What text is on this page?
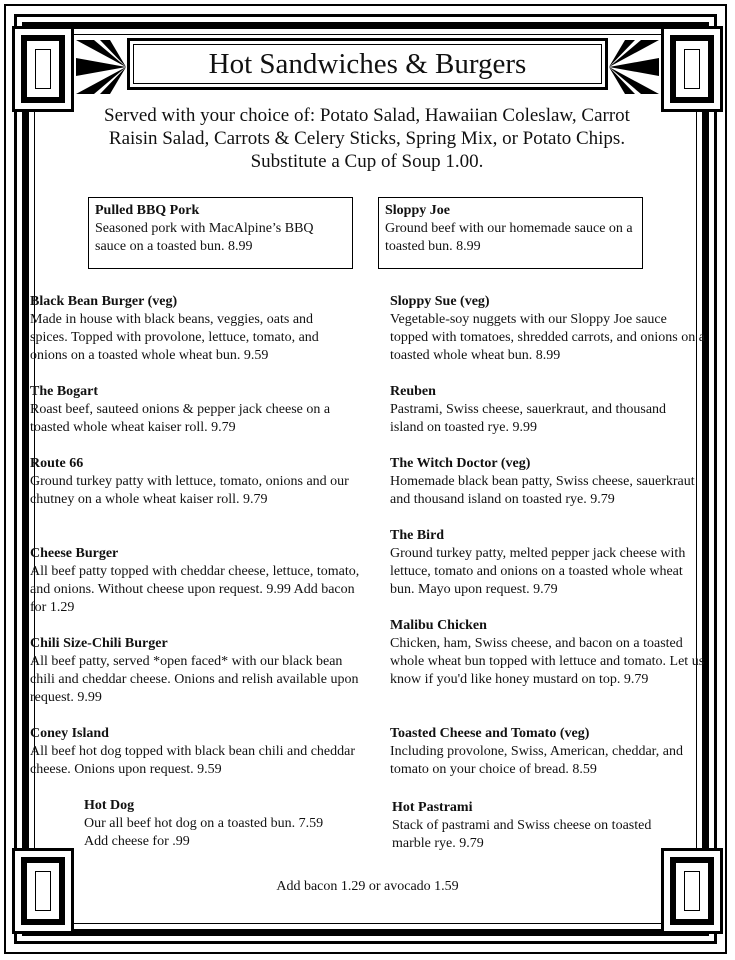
Hot Sandwiches & Burgers
Served with your choice of: Potato Salad, Hawaiian Coleslaw, Carrot Raisin Salad, Carrots & Celery Sticks, Spring Mix, or Potato Chips. Substitute a Cup of Soup 1.00.
Pulled BBQ Pork
Seasoned pork with MacAlpine’s BBQ sauce on a toasted bun. 8.99
Sloppy Joe
Ground beef with our homemade sauce on a toasted bun. 8.99
Black Bean Burger (veg)
Made in house with black beans, veggies, oats and spices. Topped with provolone, lettuce, tomato, and onions on a toasted whole wheat bun. 9.59
The Bogart
Roast beef, sauteed onions & pepper jack cheese on a toasted whole wheat kaiser roll. 9.79
Route 66
Ground turkey patty with lettuce, tomato, onions and our chutney on a whole wheat kaiser roll. 9.79
Cheese Burger
All beef patty topped with cheddar cheese, lettuce, tomato, and onions. Without cheese upon request. 9.99 Add bacon for 1.29
Chili Size-Chili Burger
All beef patty, served *open faced* with our black bean chili and cheddar cheese. Onions and relish available upon request. 9.99
Coney Island
All beef hot dog topped with black bean chili and cheddar cheese. Onions upon request. 9.59
Hot Dog
Our all beef hot dog on a toasted bun. 7.59 Add cheese for .99
Sloppy Sue (veg)
Vegetable-soy nuggets with our Sloppy Joe sauce topped with tomatoes, shredded carrots, and onions on a toasted whole wheat bun. 8.99
Reuben
Pastrami, Swiss cheese, sauerkraut, and thousand island on toasted rye. 9.99
The Witch Doctor (veg)
Homemade black bean patty, Swiss cheese, sauerkraut and thousand island on toasted rye. 9.79
The Bird
Ground turkey patty, melted pepper jack cheese with lettuce, tomato and onions on a toasted whole wheat bun. Mayo upon request. 9.79
Malibu Chicken
Chicken, ham, Swiss cheese, and bacon on a toasted whole wheat bun topped with lettuce and tomato. Let us know if you'd like honey mustard on top. 9.79
Toasted Cheese and Tomato (veg)
Including provolone, Swiss, American, cheddar, and tomato on your choice of bread. 8.59
Hot Pastrami
Stack of pastrami and Swiss cheese on toasted marble rye. 9.79
Add bacon 1.29 or avocado 1.59
